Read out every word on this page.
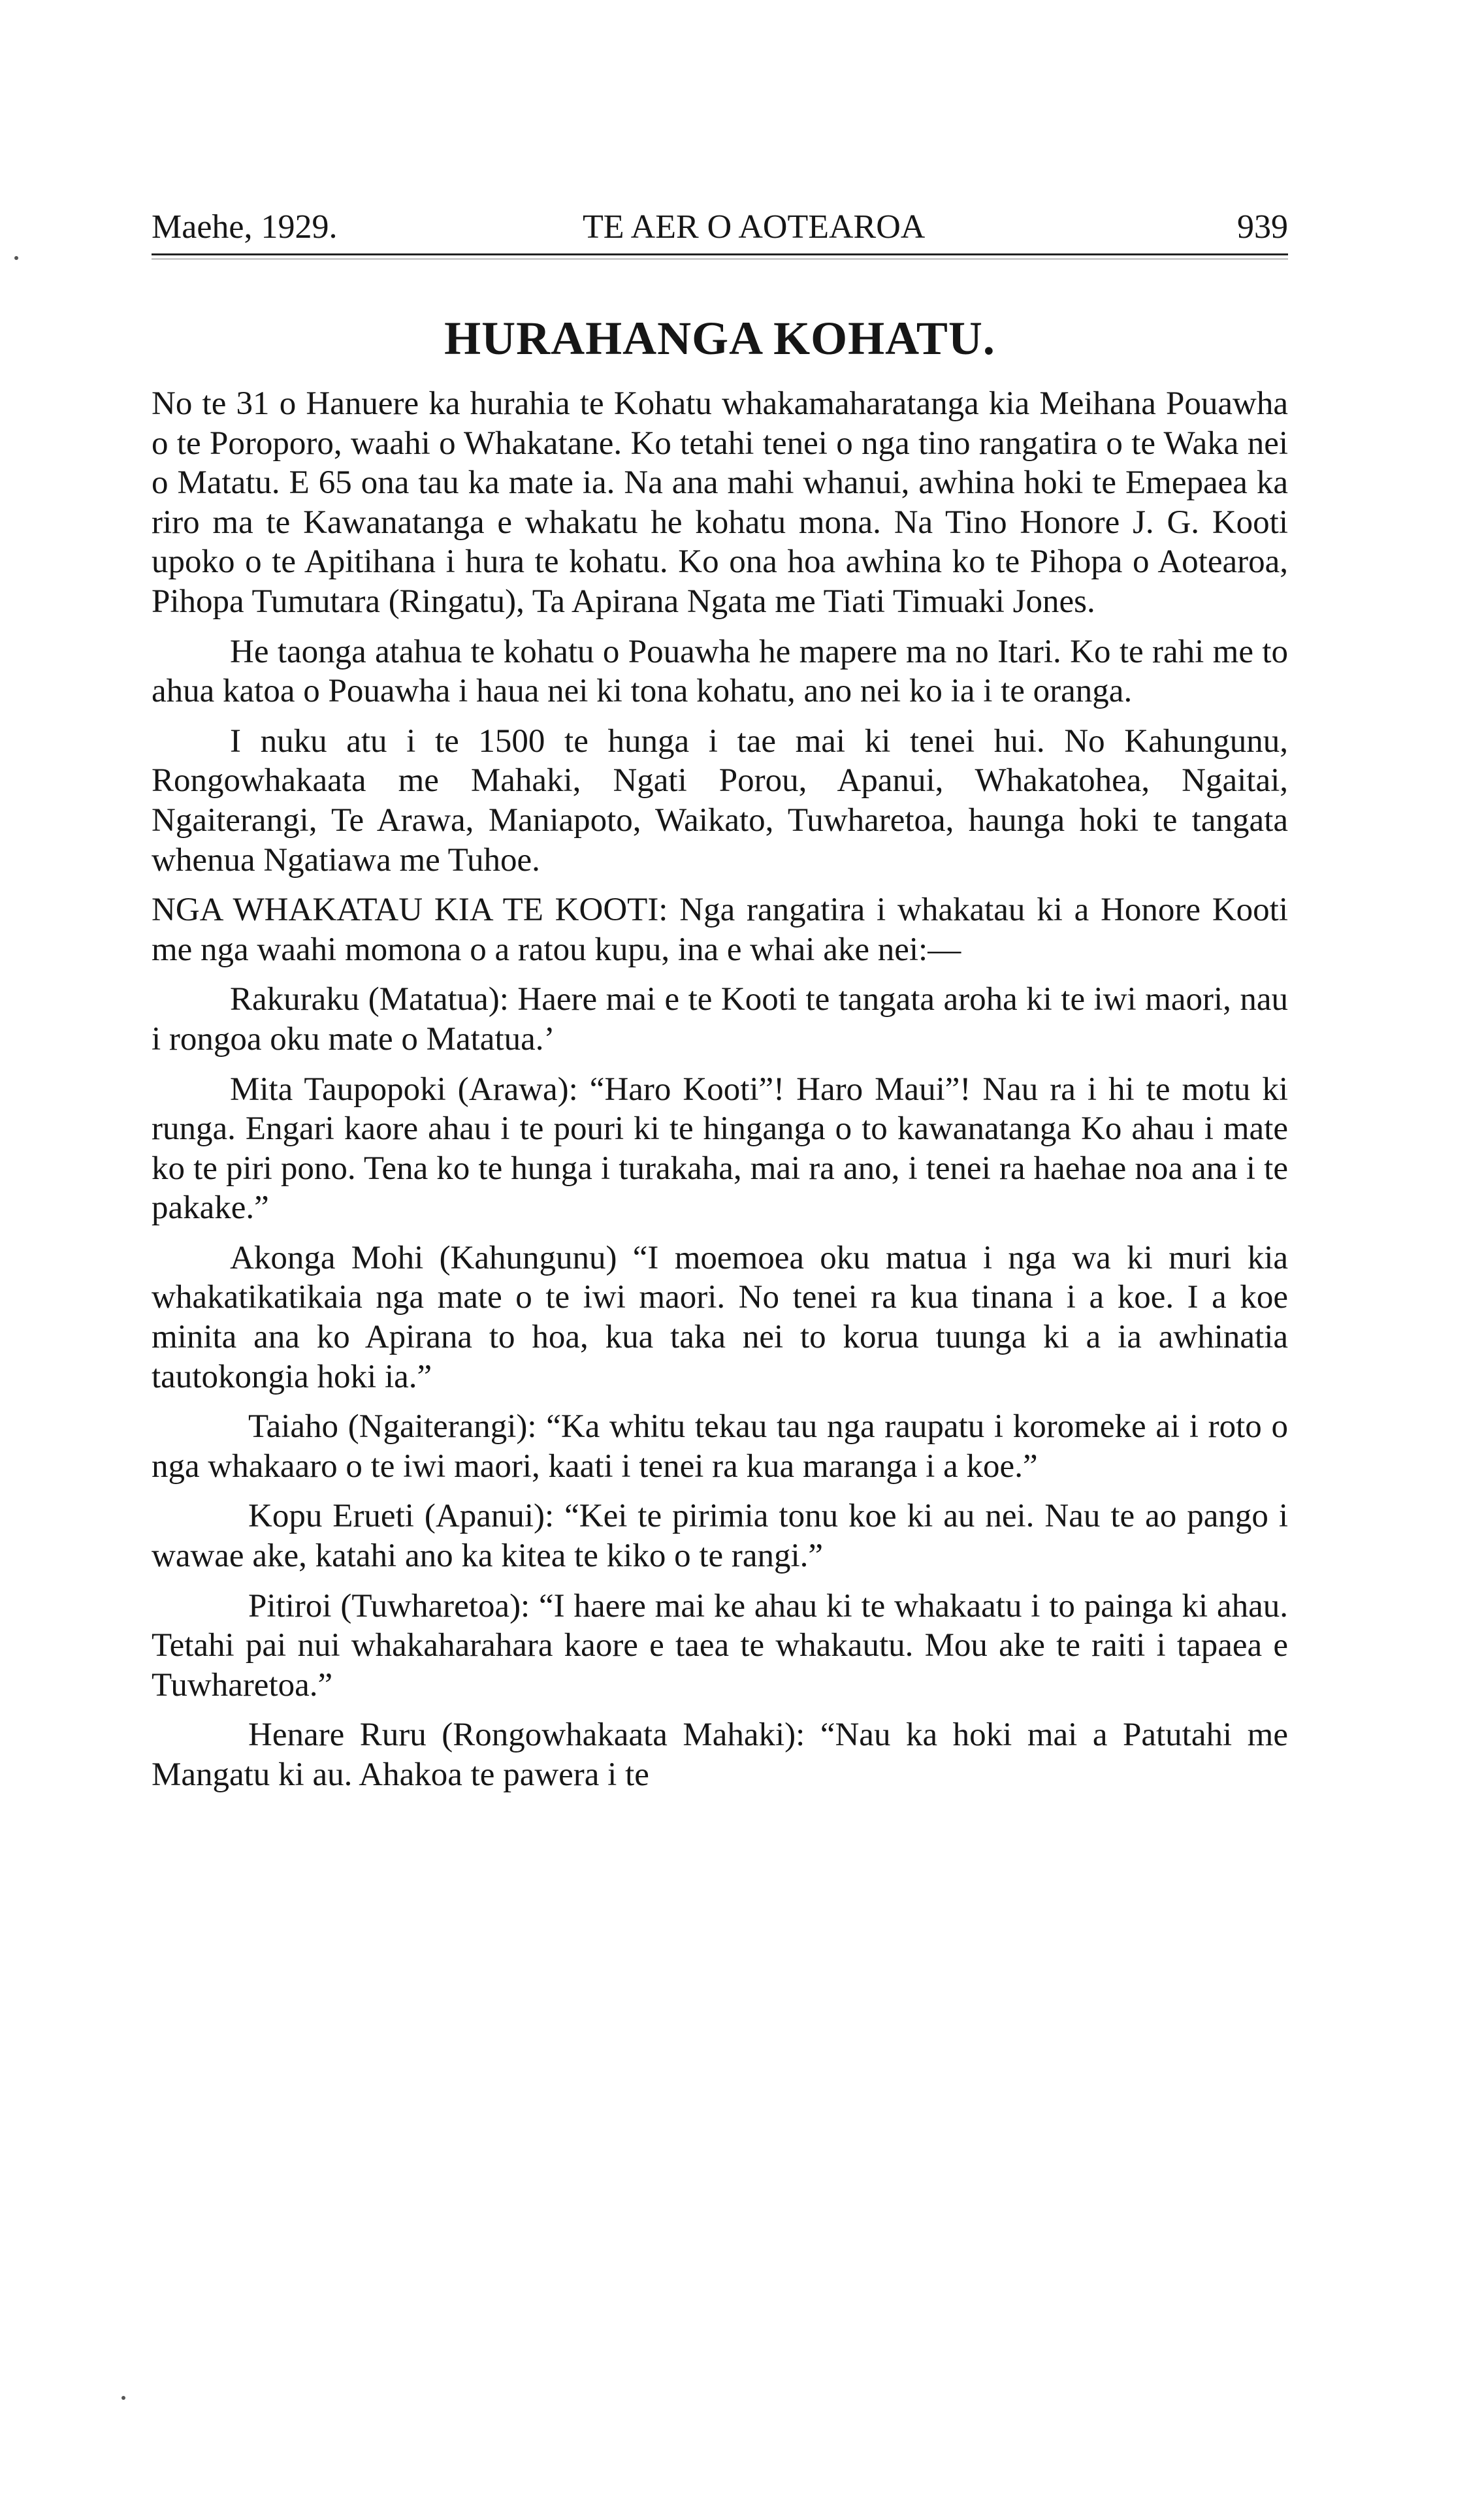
Maehe, 1929.	TE AER O AOTEAROA	939
HURAHANGA KOHATU.

No te 31 o Hanuere ka hurahia te Kohatu whakamaharatanga kia Meihana Pouawha o te Poroporo, waahi o Whakatane. Ko tetahi tenei o nga tino rangatira o te Waka nei o Matatu. E 65 ona tau ka mate ia. Na ana mahi whanui, awhina hoki te Emepaea ka riro ma te Kawanatanga e whakatu he kohatu mona. Na Tino Honore J. G. Kooti upoko o te Apitihana i hura te kohatu. Ko ona hoa awhina ko te Pihopa o Aotearoa, Pihopa Tumutara (Ringatu), Ta Apirana Ngata me Tiati Timuaki Jones.

He taonga atahua te kohatu o Pouawha he mapere ma no Itari. Ko te rahi me to ahua katoa o Pouawha i haua nei ki tona kohatu, ano nei ko ia i te oranga.

I nuku atu i te 1500 te hunga i tae mai ki tenei hui. No Kahungunu, Rongowhakaata me Mahaki, Ngati Porou, Apanui, Whakatohea, Ngaitai, Ngaiterangi, Te Arawa, Maniapoto, Waikato, Tuwharetoa, haunga hoki te tangata whenua Ngatiawa me Tuhoe.

NGA WHAKATAU KIA TE KOOTI: Nga rangatira i whakatau ki a Honore Kooti me nga waahi momona o a ratou kupu, ina e whai ake nei:—

Rakuraku (Matatua): Haere mai e te Kooti te tangata aroha ki te iwi maori, nau i rongoa oku mate o Matatua.’

Mita Taupopoki (Arawa): “Haro Kooti”! Haro Maui”! Nau ra i hi te motu ki runga. Engari kaore ahau i te pouri ki te hinganga o to kawanatanga Ko ahau i mate ko te piri pono. Tena ko te hunga i turakaha, mai ra ano, i tenei ra haehae noa ana i te pakake.”

Akonga Mohi (Kahungunu) “I moemoea oku matua i nga wa ki muri kia whakatikatikaia nga mate o te iwi maori. No tenei ra kua tinana i a koe. I a koe minita ana ko Apirana to hoa, kua taka nei to korua tuunga ki a ia awhinatia tautokongia hoki ia.”

Taiaho (Ngaiterangi): “Ka whitu tekau tau nga raupatu i koromeke ai i roto o nga whakaaro o te iwi maori, kaati i tenei ra kua maranga i a koe.”

Kopu Erueti (Apanui): “Kei te pirimia tonu koe ki au nei. Nau te ao pango i wawae ake, katahi ano ka kitea te kiko o te rangi.”

Pitiroi (Tuwharetoa): “I haere mai ke ahau ki te whakaatu i to painga ki ahau. Tetahi pai nui whakaharahara kaore e taea te whakautu. Mou ake te raiti i tapaea e Tuwharetoa.”

Henare Ruru (Rongowhakaata Mahaki): “Nau ka hoki mai a Patutahi me Mangatu ki au. Ahakoa te pawera i te
